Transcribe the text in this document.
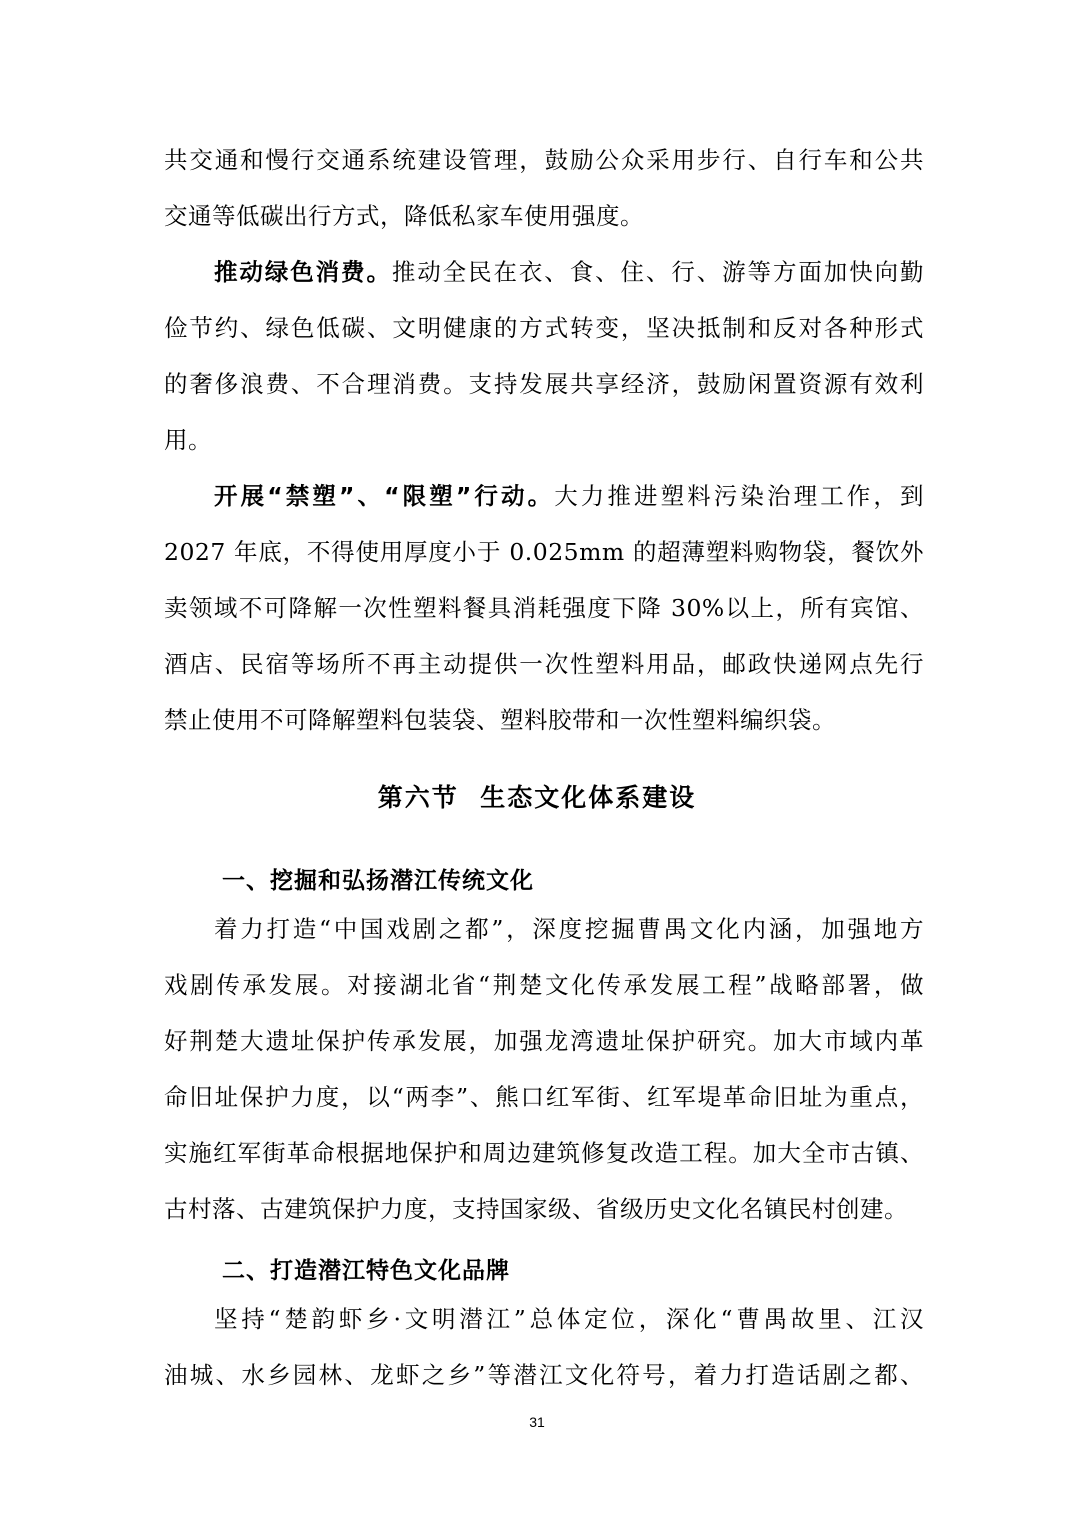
共交通和慢行交通系统建设管理，鼓励公众采用步行、自行车和公共
交通等低碳出行方式，降低私家车使用强度。
推动绿色消费。推动全民在衣、食、住、行、游等方面加快向勤
俭节约、绿色低碳、文明健康的方式转变，坚决抵制和反对各种形式
的奢侈浪费、不合理消费。支持发展共享经济，鼓励闲置资源有效利
用。
开展“禁塑”、“限塑”行动。大力推进塑料污染治理工作，到
2027 年底，不得使用厚度小于 0.025mm 的超薄塑料购物袋，餐饮外
卖领域不可降解一次性塑料餐具消耗强度下降 30%以上，所有宾馆、
酒店、民宿等场所不再主动提供一次性塑料用品，邮政快递网点先行
禁止使用不可降解塑料包装袋、塑料胶带和一次性塑料编织袋。
第六节  生态文化体系建设
一、挖掘和弘扬潜江传统文化
着力打造“中国戏剧之都”，深度挖掘曹禺文化内涵，加强地方
戏剧传承发展。对接湖北省“荆楚文化传承发展工程”战略部署，做
好荆楚大遗址保护传承发展，加强龙湾遗址保护研究。加大市域内革
命旧址保护力度，以“两李”、熊口红军街、红军堤革命旧址为重点，
实施红军街革命根据地保护和周边建筑修复改造工程。加大全市古镇、
古村落、古建筑保护力度，支持国家级、省级历史文化名镇民村创建。
二、打造潜江特色文化品牌
坚持“楚韵虾乡·文明潜江”总体定位，深化“曹禺故里、江汉
油城、水乡园林、龙虾之乡”等潜江文化符号，着力打造话剧之都、
31
